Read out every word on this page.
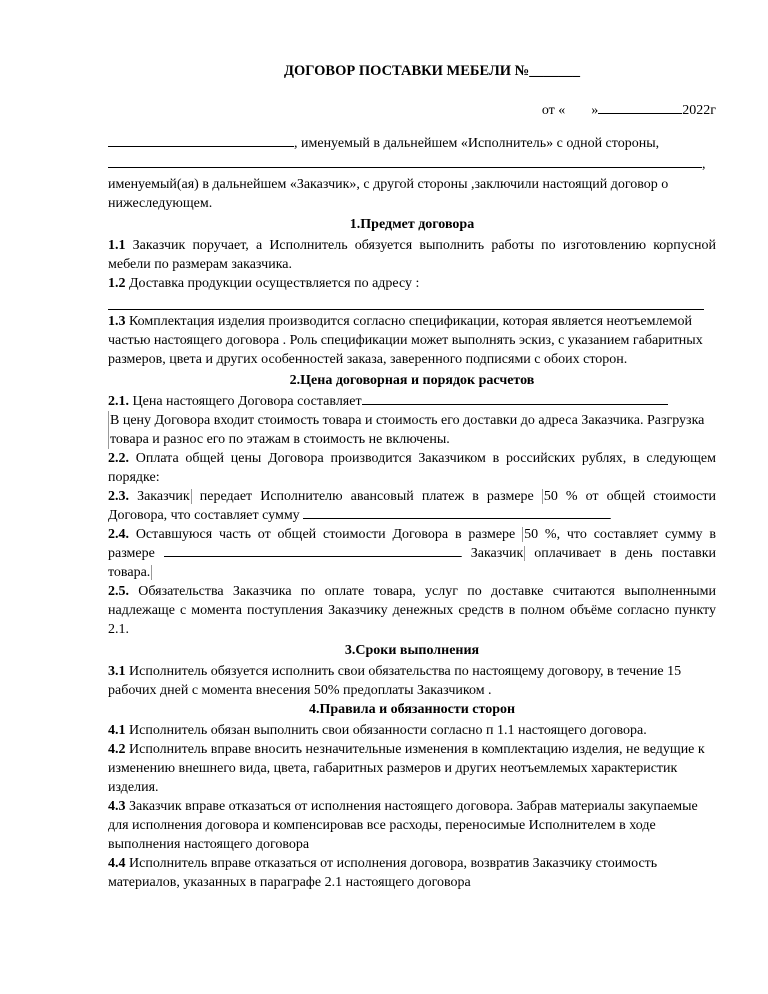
ДОГОВОР ПОСТАВКИ МЕБЕЛИ №_______
от « »	2022г

, именуемый в дальнейшем «Исполнитель» с одной стороны,

,

именуемый(ая) в дальнейшем «Заказчик», с другой стороны ,заключили настоящий договор о нижеследующем.

1.Предмет договора

1.1 Заказчик поручает, а Исполнитель обязуется выполнить работы по изготовлению корпусной мебели по размерам заказчика.

1.2 Доставка продукции осуществляется по адресу :

1.3 Комплектация изделия производится согласно спецификации, которая является неотъемлемой частью настоящего договора . Роль спецификации может выполнять эскиз, с указанием габаритных размеров, цвета и других особенностей заказа, заверенного подписями с обоих сторон.

2.Цена договорная и порядок расчетов

2.1. Цена настоящего Договора составляет

В цену Договора входит стоимость товара и стоимость его доставки до адреса Заказчика. Разгрузка товара и разнос его по этажам в стоимость не включены.

2.2. Оплата общей цены Договора производится Заказчиком в российских рублях, в следующем порядке:

2.3. Заказчик передает Исполнителю авансовый платеж в размере 50 % от общей стоимости Договора, что составляет сумму

2.4. Оставшуюся часть от общей стоимости Договора в размере 50 %, что составляет сумму в размере	Заказчик оплачивает в день поставки товара.

2.5. Обязательства Заказчика по оплате товара, услуг по доставке считаются выполненными надлежаще с момента поступления Заказчику денежных средств в полном объёме согласно пункту 2.1.

3.Сроки выполнения

3.1 Исполнитель обязуется исполнить свои обязательства по настоящему договору, в течение 15 рабочих дней с момента внесения 50% предоплаты Заказчиком .

4.Правила и обязанности сторон

4.1 Исполнитель обязан выполнить свои обязанности согласно п 1.1 настоящего договора.

4.2 Исполнитель вправе вносить незначительные изменения в комплектацию изделия, не ведущие к изменению внешнего вида, цвета, габаритных размеров и других неотъемлемых характеристик изделия.

4.3 Заказчик вправе отказаться от исполнения настоящего договора. Забрав материалы закупаемые для исполнения договора и компенсировав все расходы, переносимые Исполнителем в ходе выполнения настоящего договора

4.4 Исполнитель вправе отказаться от исполнения договора, возвратив Заказчику стоимость материалов, указанных в параграфе 2.1 настоящего договора
